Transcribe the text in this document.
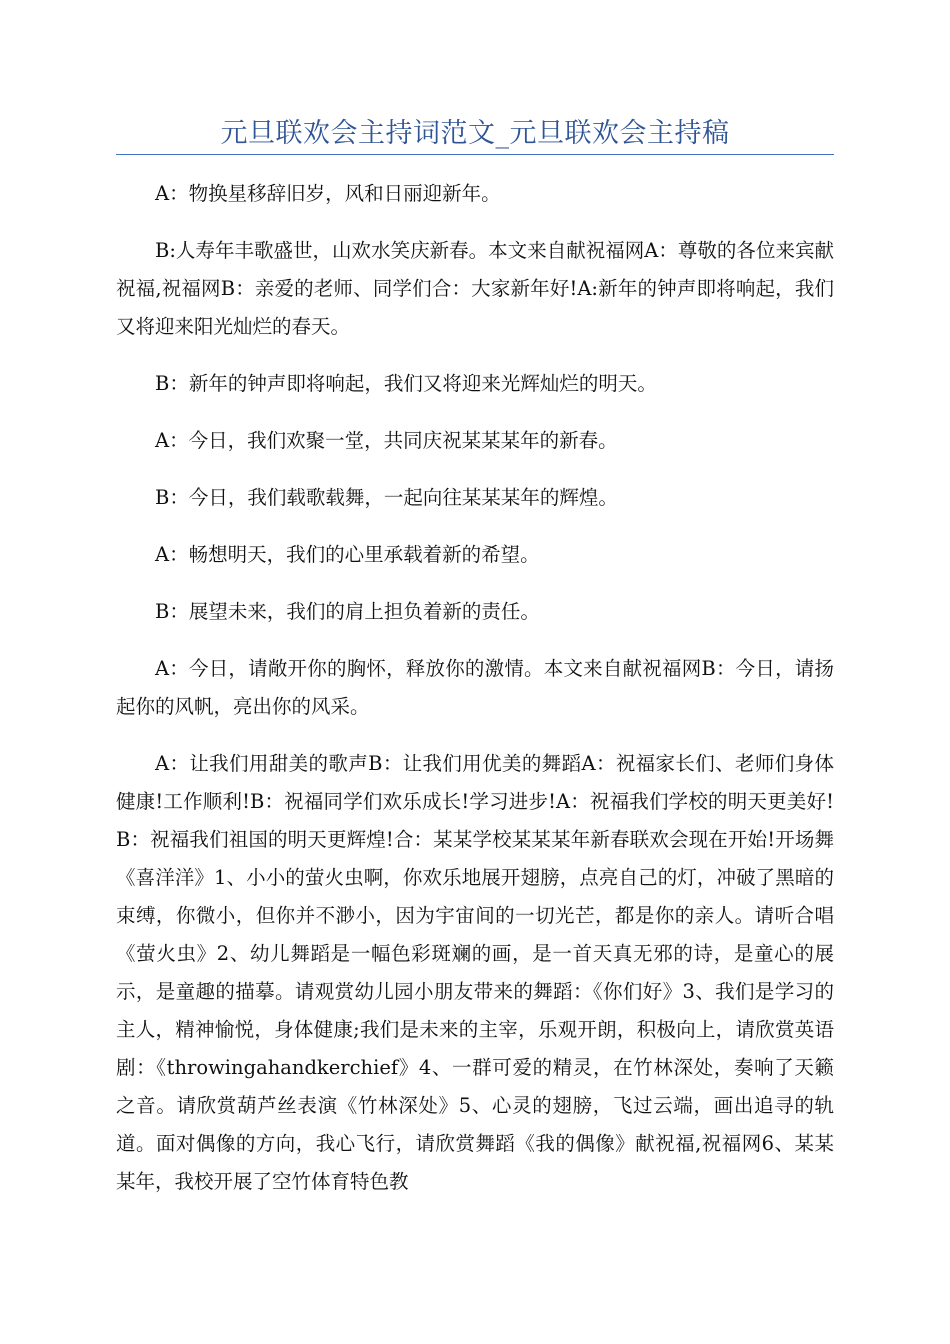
元旦联欢会主持词范文_元旦联欢会主持稿

A：物换星移辞旧岁，风和日丽迎新年。

B:人寿年丰歌盛世，山欢水笑庆新春。本文来自献祝福网A：尊敬的各位来宾献祝福,祝福网B：亲爱的老师、同学们合：大家新年好!A:新年的钟声即将响起，我们又将迎来阳光灿烂的春天。

B：新年的钟声即将响起，我们又将迎来光辉灿烂的明天。

A：今日，我们欢聚一堂，共同庆祝某某某年的新春。

B：今日，我们载歌载舞，一起向往某某某年的辉煌。

A：畅想明天，我们的心里承载着新的希望。

B：展望未来，我们的肩上担负着新的责任。

A：今日，请敞开你的胸怀，释放你的激情。本文来自献祝福网B：今日，请扬起你的风帆，亮出你的风采。

A：让我们用甜美的歌声B：让我们用优美的舞蹈A：祝福家长们、老师们身体健康!工作顺利!B：祝福同学们欢乐成长!学习进步!A：祝福我们学校的明天更美好!B：祝福我们祖国的明天更辉煌!合：某某学校某某某年新春联欢会现在开始!开场舞《喜洋洋》1、小小的萤火虫啊，你欢乐地展开翅膀，点亮自己的灯，冲破了黑暗的束缚，你微小，但你并不渺小，因为宇宙间的一切光芒，都是你的亲人。请听合唱《萤火虫》2、幼儿舞蹈是一幅色彩斑斓的画，是一首天真无邪的诗，是童心的展示，是童趣的描摹。请观赏幼儿园小朋友带来的舞蹈：《你们好》3、我们是学习的主人，精神愉悦，身体健康;我们是未来的主宰，乐观开朗，积极向上，请欣赏英语剧：《throwingahandkerchief》4、一群可爱的精灵，在竹林深处，奏响了天籁之音。请欣赏葫芦丝表演《竹林深处》5、心灵的翅膀，飞过云端，画出追寻的轨道。面对偶像的方向，我心飞行，请欣赏舞蹈《我的偶像》献祝福,祝福网6、某某某年，我校开展了空竹体育特色教
